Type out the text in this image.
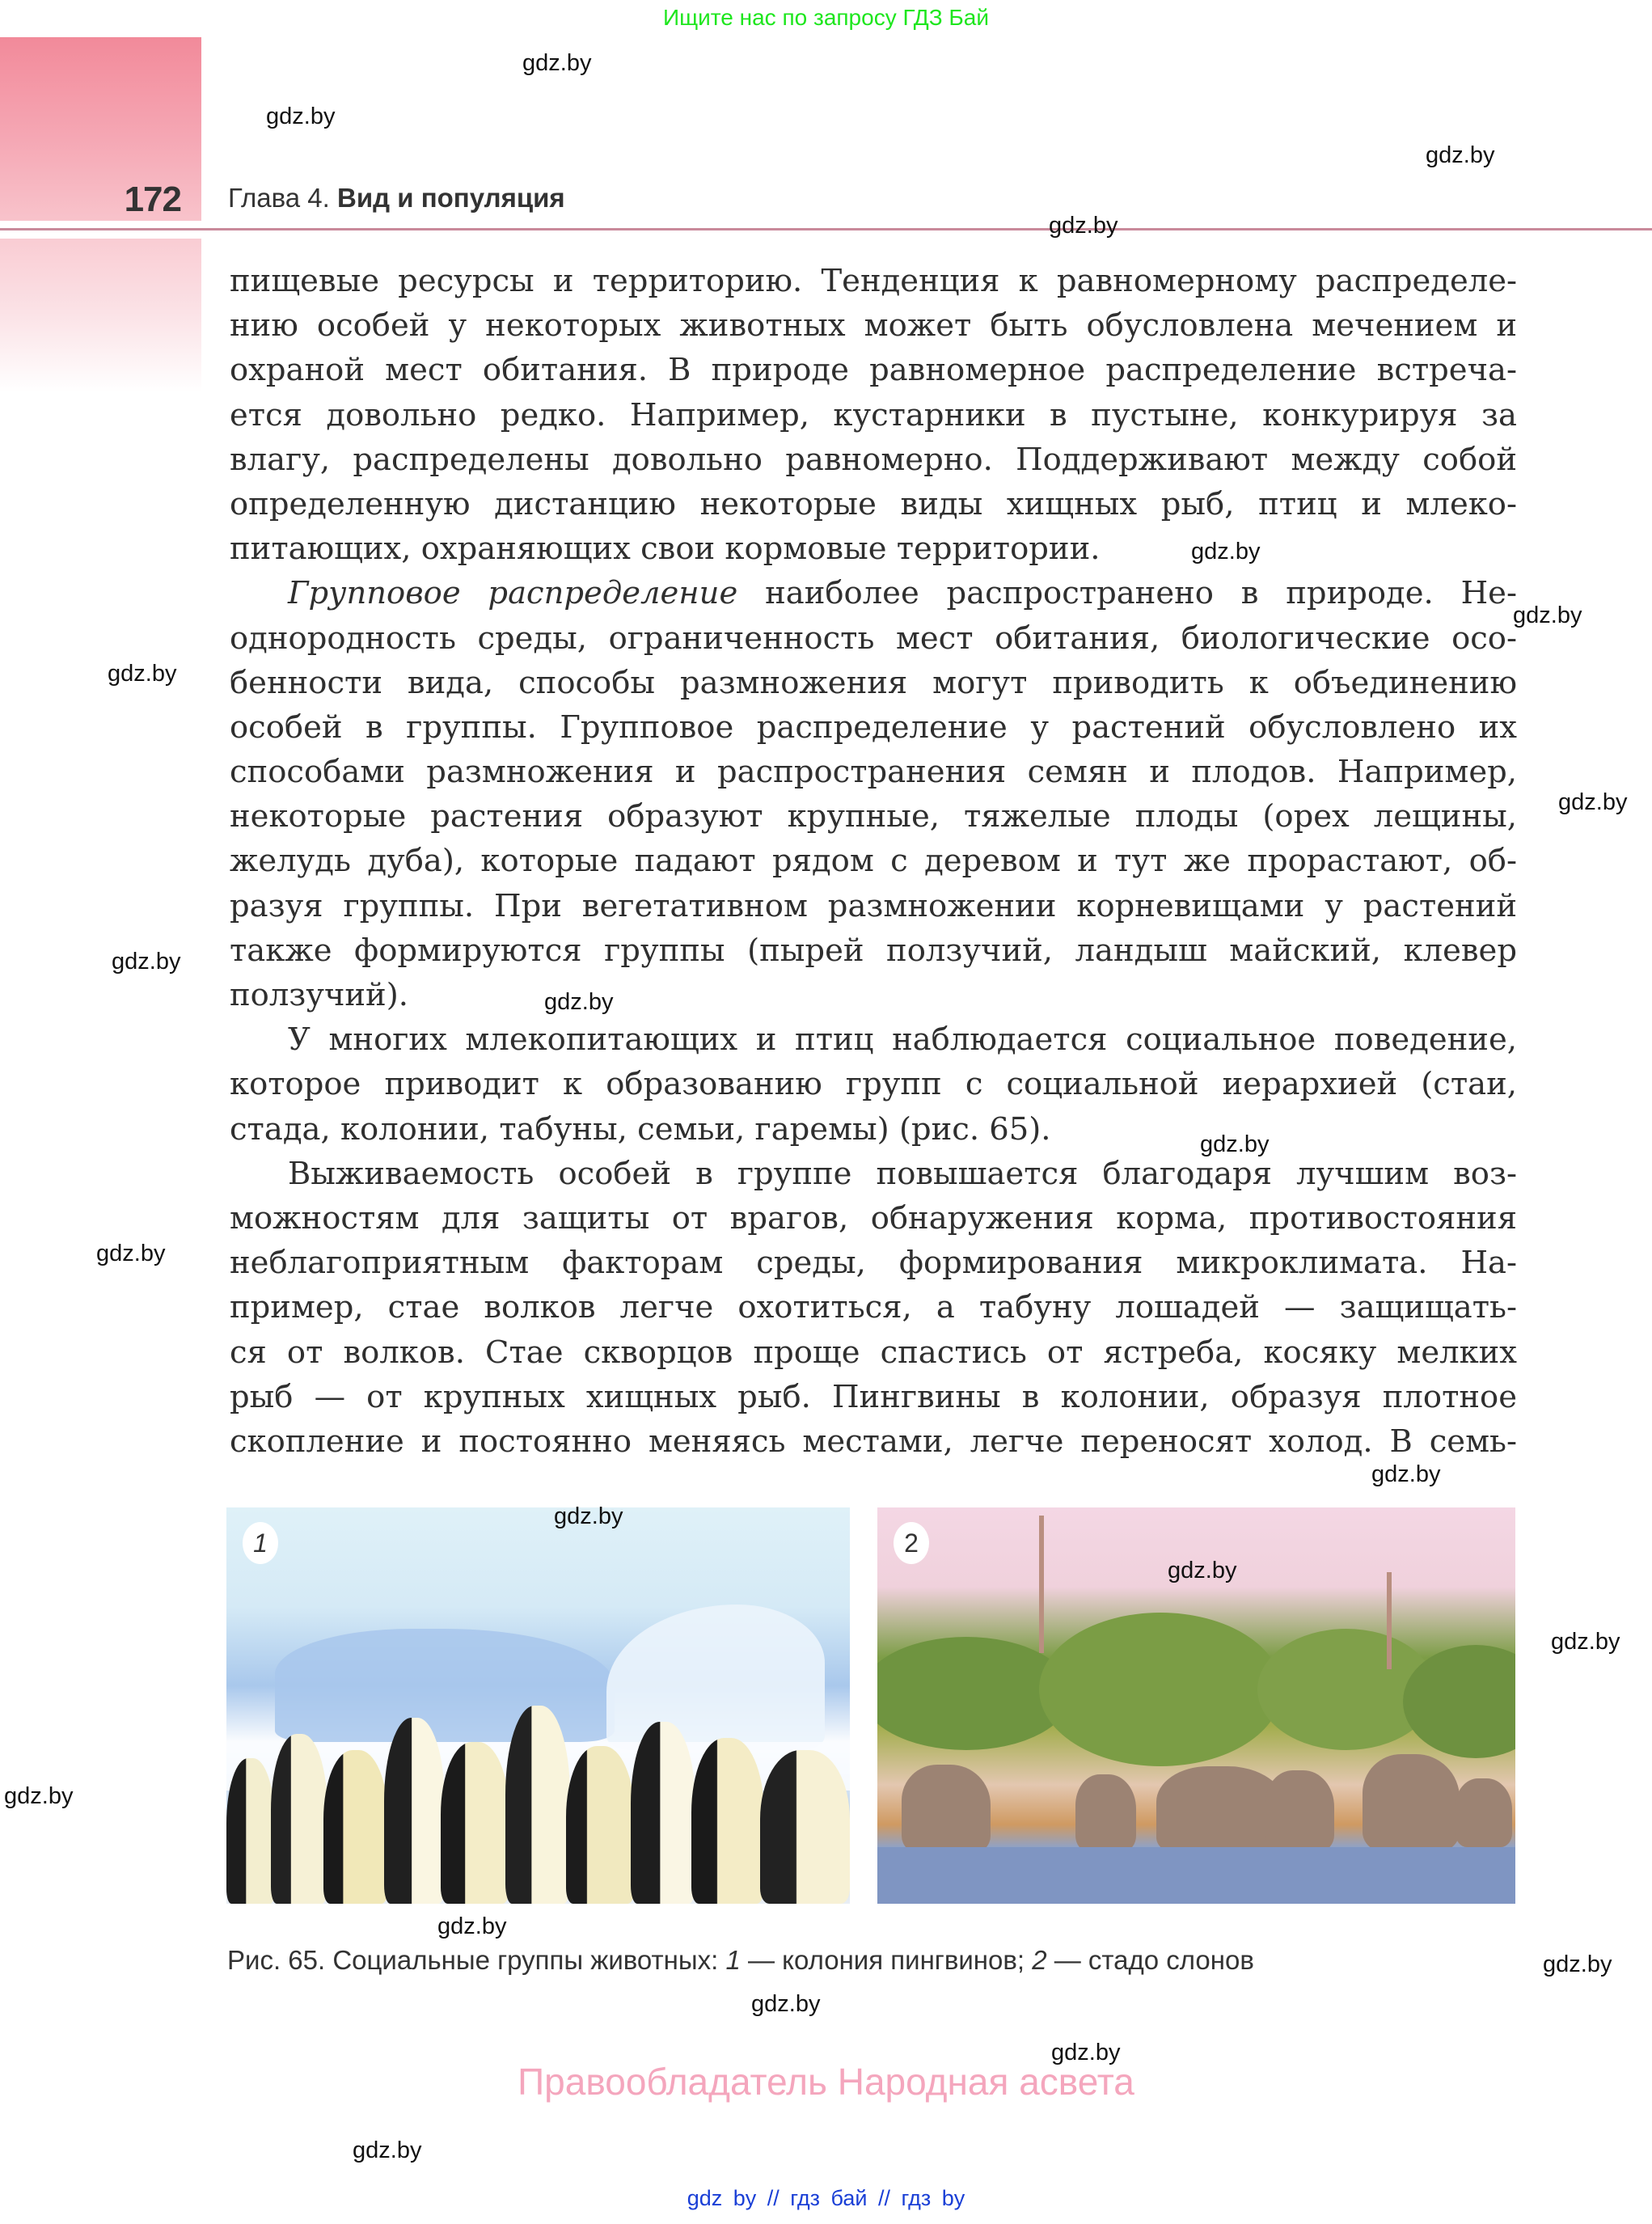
Ищите нас по запросу ГДЗ Бай
172 Глава 4. Вид и популяция

пищевые ресурсы и территорию. Тенденция к равномерному распределе-
нию особей у некоторых животных может быть обусловлена мечением и
охраной мест обитания. В природе равномерное распределение встреча-
ется довольно редко. Например, кустарники в пустыне, конкурируя за
влагу, распределены довольно равномерно. Поддерживают между собой
определенную дистанцию некоторые виды хищных рыб, птиц и млеко-
питающих, охраняющих свои кормовые территории.

Групповое распределение наиболее распространено в природе. Не-
однородность среды, ограниченность мест обитания, биологические осо-
бенности вида, способы размножения могут приводить к объединению
особей в группы. Групповое распределение у растений обусловлено их
способами размножения и распространения семян и плодов. Например,
некоторые растения образуют крупные, тяжелые плоды (орех лещины,
желудь дуба), которые падают рядом с деревом и тут же прорастают, об-
разуя группы. При вегетативном размножении корневищами у растений
также формируются группы (пырей ползучий, ландыш майский, клевер
ползучий).

У многих млекопитающих и птиц наблюдается социальное поведение,
которое приводит к образованию групп с социальной иерархией (стаи,
стада, колонии, табуны, семьи, гаремы) (рис. 65).

Выживаемость особей в группе повышается благодаря лучшим воз-
можностям для защиты от врагов, обнаружения корма, противостояния
неблагоприятным факторам среды, формирования микроклимата. На-
пример, стае волков легче охотиться, а табуну лошадей — защищать-
ся от волков. Стае скворцов проще спастись от ястреба, косяку мелких
рыб — от крупных хищных рыб. Пингвины в колонии, образуя плотное
скопление и постоянно меняясь местами, легче переносят холод. В семь-

1	2
Рис. 65. Социальные группы животных: 1 — колония пингвинов; 2 — стадо слонов
Правообладатель Народная асвета
gdz by // гдз бай // гдз by
gdz.by
gdz.by
gdz.by
gdz.by
gdz.by
gdz.by
gdz.by
gdz.by
gdz.by
gdz.by
gdz.by
gdz.by
gdz.by
gdz.by
gdz.by
gdz.by
gdz.by
gdz.by
gdz.by
gdz.by
gdz.by
gdz.by
